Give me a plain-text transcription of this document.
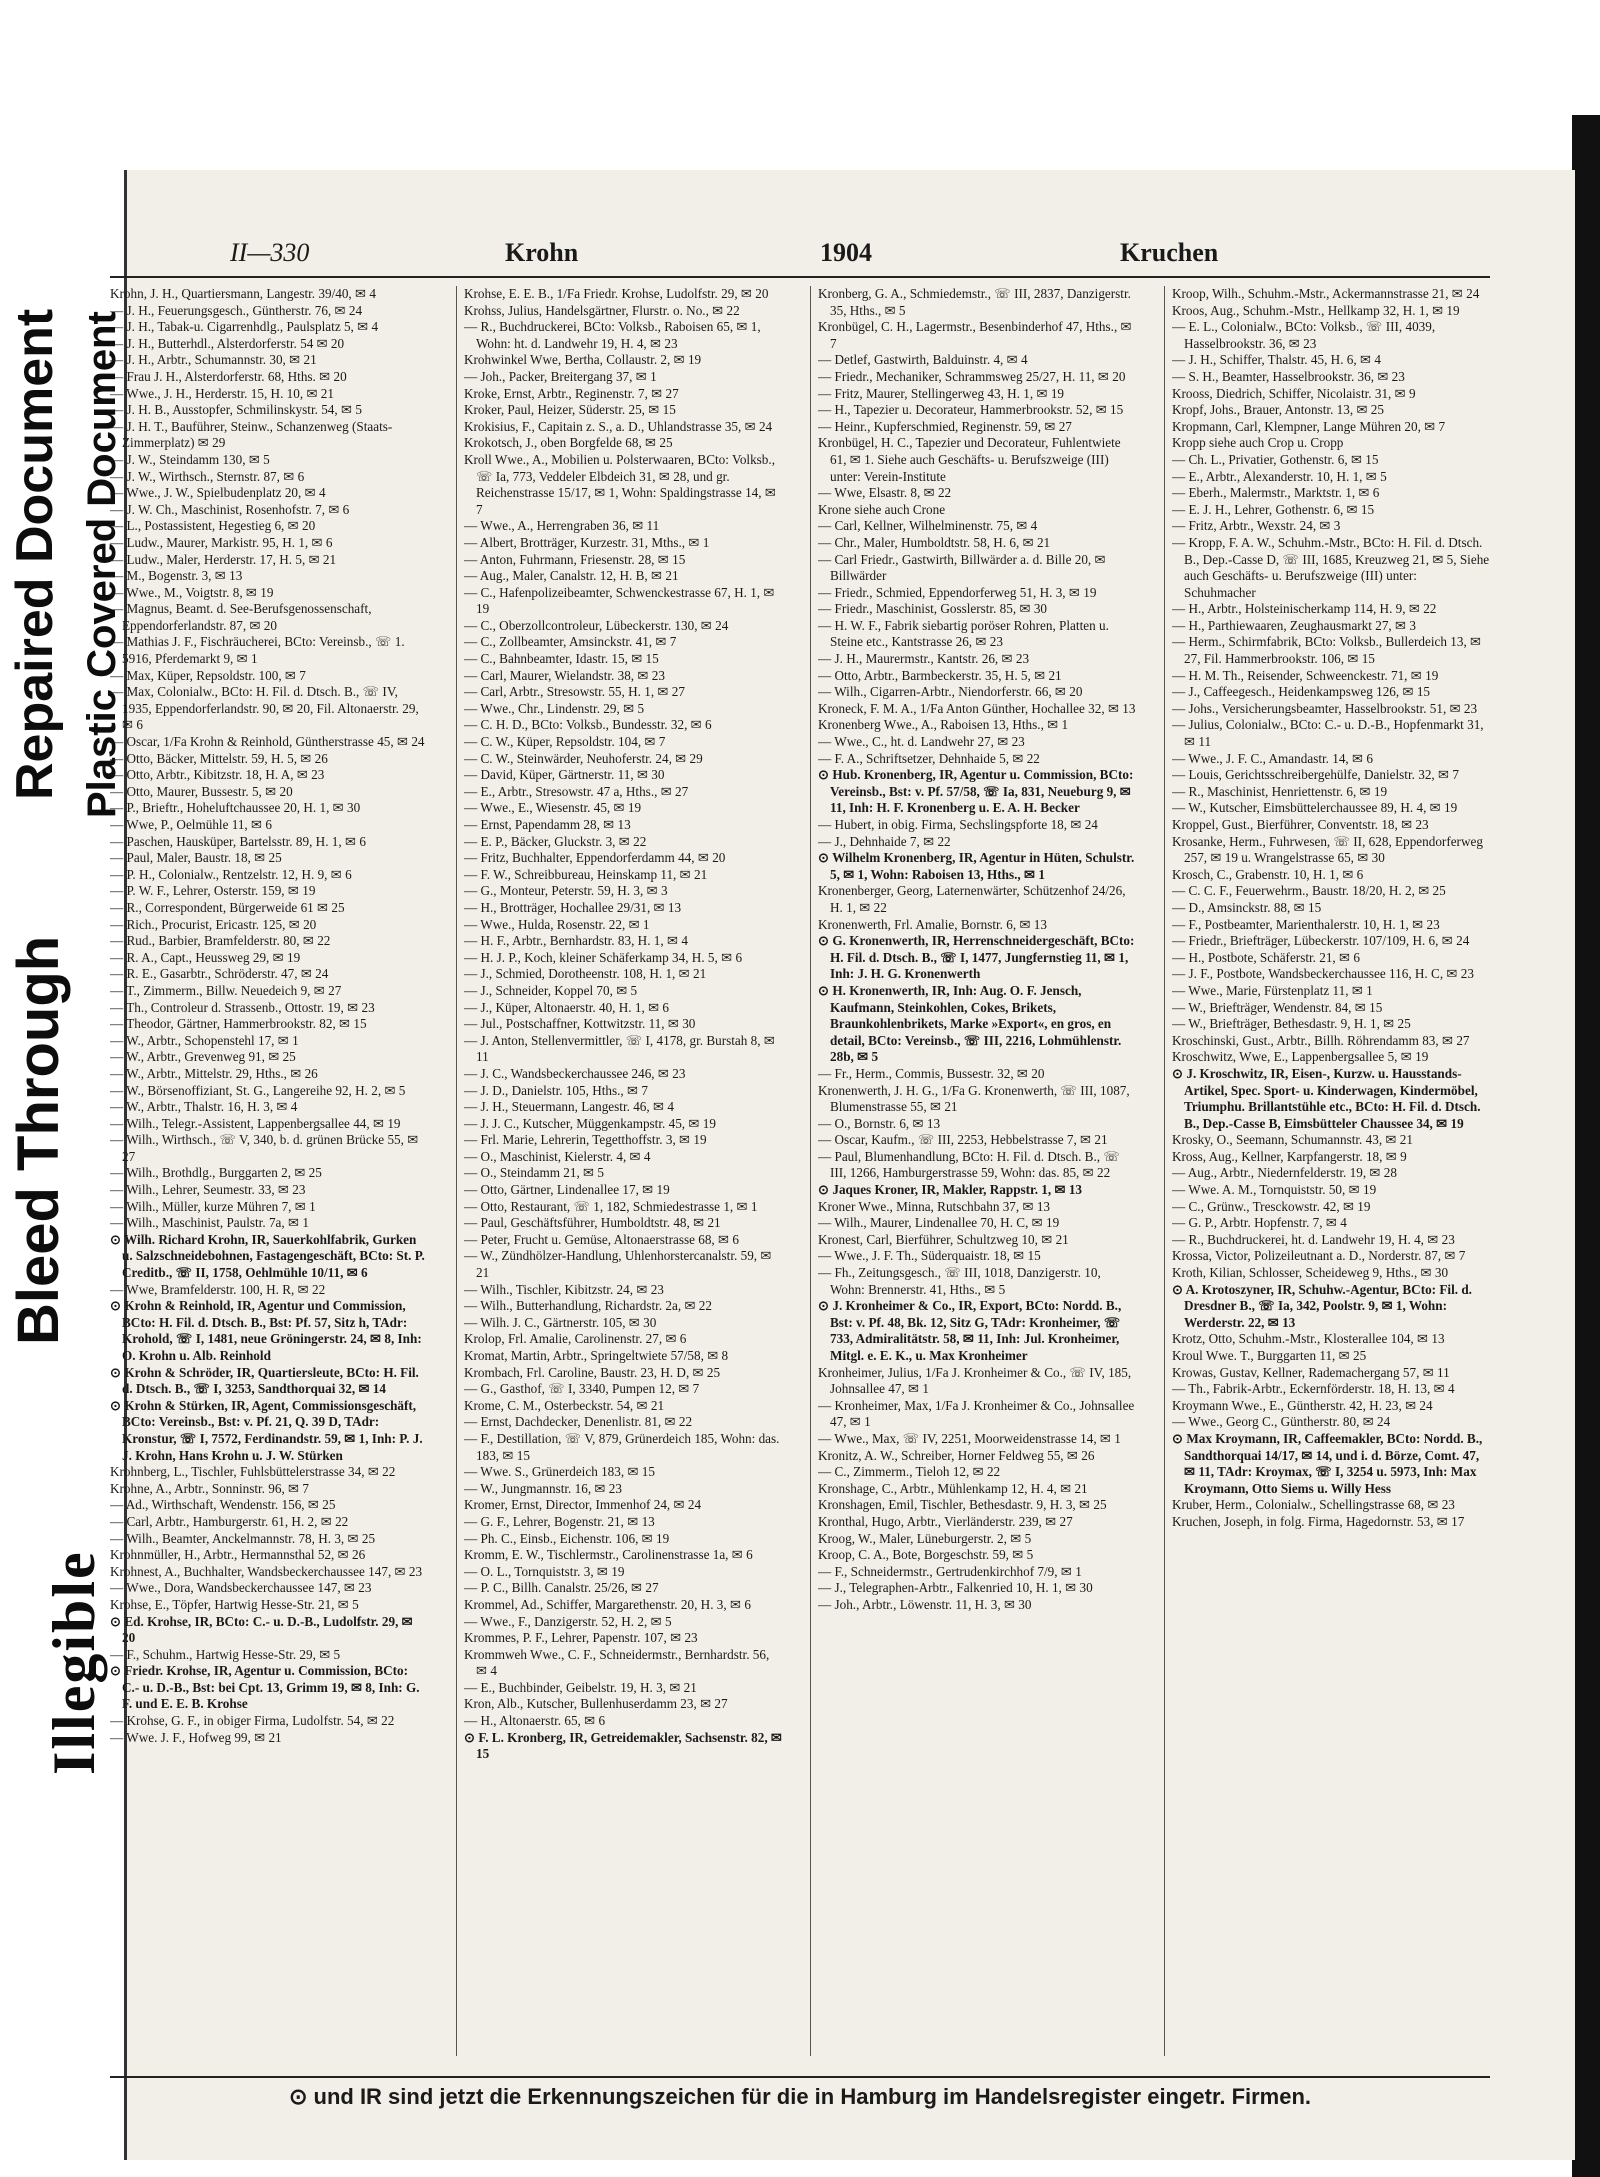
Repaired Document Plastic Covered Document
Bleed Through
Illegible
II—330	Krohn	1904	Kruchen

Krohn, J. H., Quartiersmann, Langestr. 39/40, ✉ 4

— J. H., Feuerungsgesch., Güntherstr. 76, ✉ 24

— J. H., Tabak-u. Cigarrenhdlg., Paulsplatz 5, ✉ 4

— J. H., Butterhdl., Alsterdorferstr. 54 ✉ 20

— J. H., Arbtr., Schumannstr. 30, ✉ 21

— Frau J. H., Alsterdorferstr. 68, Hths. ✉ 20

— Wwe., J. H., Herderstr. 15, H. 10, ✉ 21

— J. H. B., Ausstopfer, Schmilinskystr. 54, ✉ 5

— J. H. T., Bauführer, Steinw., Schanzenweg (Staats-Zimmerplatz) ✉ 29

— J. W., Steindamm 130, ✉ 5

— J. W., Wirthsch., Sternstr. 87, ✉ 6

— Wwe., J. W., Spielbudenplatz 20, ✉ 4

— J. W. Ch., Maschinist, Rosenhofstr. 7, ✉ 6

— L., Postassistent, Hegestieg 6, ✉ 20

— Ludw., Maurer, Markistr. 95, H. 1, ✉ 6

— Ludw., Maler, Herderstr. 17, H. 5, ✉ 21

— M., Bogenstr. 3, ✉ 13

— Wwe., M., Voigtstr. 8, ✉ 19

— Magnus, Beamt. d. See-Berufsgenossenschaft, Eppendorferlandstr. 87, ✉ 20

— Mathias J. F., Fischräucherei, BCto: Vereinsb., ☏ 1. 5916, Pferdemarkt 9, ✉ 1

— Max, Küper, Repsoldstr. 100, ✉ 7

— Max, Colonialw., BCto: H. Fil. d. Dtsch. B., ☏ IV, 1935, Eppendorferlandstr. 90, ✉ 20, Fil. Altonaerstr. 29, ✉ 6

— Oscar, 1/Fa Krohn & Reinhold, Güntherstrasse 45, ✉ 24

— Otto, Bäcker, Mittelstr. 59, H. 5, ✉ 26

— Otto, Arbtr., Kibitzstr. 18, H. A, ✉ 23

— Otto, Maurer, Bussestr. 5, ✉ 20

— P., Brieftr., Hoheluftchaussee 20, H. 1, ✉ 30

— Wwe, P., Oelmühle 11, ✉ 6

— Paschen, Hausküper, Bartelsstr. 89, H. 1, ✉ 6

— Paul, Maler, Baustr. 18, ✉ 25

— P. H., Colonialw., Rentzelstr. 12, H. 9, ✉ 6

— P. W. F., Lehrer, Osterstr. 159, ✉ 19

— R., Correspondent, Bürgerweide 61 ✉ 25

— Rich., Procurist, Ericastr. 125, ✉ 20

— Rud., Barbier, Bramfelderstr. 80, ✉ 22

— R. A., Capt., Heussweg 29, ✉ 19

— R. E., Gasarbtr., Schröderstr. 47, ✉ 24

— T., Zimmerm., Billw. Neuedeich 9, ✉ 27

— Th., Controleur d. Strassenb., Ottostr. 19, ✉ 23

— Theodor, Gärtner, Hammerbrookstr. 82, ✉ 15

— W., Arbtr., Schopenstehl 17, ✉ 1

— W., Arbtr., Grevenweg 91, ✉ 25

— W., Arbtr., Mittelstr. 29, Hths., ✉ 26

— W., Börsenoffiziant, St. G., Langereihe 92, H. 2, ✉ 5

— W., Arbtr., Thalstr. 16, H. 3, ✉ 4

— Wilh., Telegr.-Assistent, Lappenbergsallee 44, ✉ 19

— Wilh., Wirthsch., ☏ V, 340, b. d. grünen Brücke 55, ✉ 27

— Wilh., Brothdlg., Burggarten 2, ✉ 25

— Wilh., Lehrer, Seumestr. 33, ✉ 23

— Wilh., Müller, kurze Mühren 7, ✉ 1

— Wilh., Maschinist, Paulstr. 7a, ✉ 1

⊙ Wilh. Richard Krohn, IR, Sauerkohlfabrik, Gurken u. Salzschneidebohnen, Fastagengeschäft, BCto: St. P. Creditb., ☏ II, 1758, Oehlmühle 10/11, ✉ 6

— Wwe, Bramfelderstr. 100, H. R, ✉ 22

⊙ Krohn & Reinhold, IR, Agentur und Commission, BCto: H. Fil. d. Dtsch. B., Bst: Pf. 57, Sitz h, TAdr: Krohold, ☏ I, 1481, neue Gröningerstr. 24, ✉ 8, Inh: O. Krohn u. Alb. Reinhold

⊙ Krohn & Schröder, IR, Quartiersleute, BCto: H. Fil. d. Dtsch. B., ☏ I, 3253, Sandthorquai 32, ✉ 14

⊙ Krohn & Stürken, IR, Agent, Commissionsgeschäft, BCto: Vereinsb., Bst: v. Pf. 21, Q. 39 D, TAdr: Kronstur, ☏ I, 7572, Ferdinandstr. 59, ✉ 1, Inh: P. J. J. Krohn, Hans Krohn u. J. W. Stürken

Krohnberg, L., Tischler, Fuhlsbüttelerstrasse 34, ✉ 22

Krohne, A., Arbtr., Sonninstr. 96, ✉ 7

— Ad., Wirthschaft, Wendenstr. 156, ✉ 25

— Carl, Arbtr., Hamburgerstr. 61, H. 2, ✉ 22

— Wilh., Beamter, Anckelmannstr. 78, H. 3, ✉ 25

Krohnmüller, H., Arbtr., Hermannsthal 52, ✉ 26

Krohnest, A., Buchhalter, Wandsbeckerchaussee 147, ✉ 23

— Wwe., Dora, Wandsbeckerchaussee 147, ✉ 23

Krohse, E., Töpfer, Hartwig Hesse-Str. 21, ✉ 5

⊙ Ed. Krohse, IR, BCto: C.- u. D.-B., Ludolfstr. 29, ✉ 20

— F., Schuhm., Hartwig Hesse-Str. 29, ✉ 5

⊙ Friedr. Krohse, IR, Agentur u. Commission, BCto: C.- u. D.-B., Bst: bei Cpt. 13, Grimm 19, ✉ 8, Inh: G. F. und E. E. B. Krohse

— Krohse, G. F., in obiger Firma, Ludolfstr. 54, ✉ 22

— Wwe. J. F., Hofweg 99, ✉ 21

Krohse, E. E. B., 1/Fa Friedr. Krohse, Ludolfstr. 29, ✉ 20

Krohss, Julius, Handelsgärtner, Flurstr. o. No., ✉ 22

— R., Buchdruckerei, BCto: Volksb., Raboisen 65, ✉ 1, Wohn: ht. d. Landwehr 19, H. 4, ✉ 23

Krohwinkel Wwe, Bertha, Collaustr. 2, ✉ 19

— Joh., Packer, Breitergang 37, ✉ 1

Kroke, Ernst, Arbtr., Reginenstr. 7, ✉ 27

Kroker, Paul, Heizer, Süderstr. 25, ✉ 15

Krokisius, F., Capitain z. S., a. D., Uhlandstrasse 35, ✉ 24

Krokotsch, J., oben Borgfelde 68, ✉ 25

Kroll Wwe., A., Mobilien u. Polsterwaaren, BCto: Volksb., ☏ Ia, 773, Veddeler Elbdeich 31, ✉ 28, und gr. Reichenstrasse 15/17, ✉ 1, Wohn: Spaldingstrasse 14, ✉ 7

— Wwe., A., Herrengraben 36, ✉ 11

— Albert, Brotträger, Kurzestr. 31, Mths., ✉ 1

— Anton, Fuhrmann, Friesenstr. 28, ✉ 15

— Aug., Maler, Canalstr. 12, H. B, ✉ 21

— C., Hafenpolizeibeamter, Schwenckestrasse 67, H. 1, ✉ 19

— C., Oberzollcontroleur, Lübeckerstr. 130, ✉ 24

— C., Zollbeamter, Amsinckstr. 41, ✉ 7

— C., Bahnbeamter, Idastr. 15, ✉ 15

— Carl, Maurer, Wielandstr. 38, ✉ 23

— Carl, Arbtr., Stresowstr. 55, H. 1, ✉ 27

— Wwe., Chr., Lindenstr. 29, ✉ 5

— C. H. D., BCto: Volksb., Bundesstr. 32, ✉ 6

— C. W., Küper, Repsoldstr. 104, ✉ 7

— C. W., Steinwärder, Neuhoferstr. 24, ✉ 29

— David, Küper, Gärtnerstr. 11, ✉ 30

— E., Arbtr., Stresowstr. 47 a, Hths., ✉ 27

— Wwe., E., Wiesenstr. 45, ✉ 19

— Ernst, Papendamm 28, ✉ 13

— E. P., Bäcker, Gluckstr. 3, ✉ 22

— Fritz, Buchhalter, Eppendorferdamm 44, ✉ 20

— F. W., Schreibbureau, Heinskamp 11, ✉ 21

— G., Monteur, Peterstr. 59, H. 3, ✉ 3

— H., Brotträger, Hochallee 29/31, ✉ 13

— Wwe., Hulda, Rosenstr. 22, ✉ 1

— H. F., Arbtr., Bernhardstr. 83, H. 1, ✉ 4

— H. J. P., Koch, kleiner Schäferkamp 34, H. 5, ✉ 6

— J., Schmied, Dorotheenstr. 108, H. 1, ✉ 21

— J., Schneider, Koppel 70, ✉ 5

— J., Küper, Altonaerstr. 40, H. 1, ✉ 6

— Jul., Postschaffner, Kottwitzstr. 11, ✉ 30

— J. Anton, Stellenvermittler, ☏ I, 4178, gr. Burstah 8, ✉ 11

— J. C., Wandsbeckerchaussee 246, ✉ 23

— J. D., Danielstr. 105, Hths., ✉ 7

— J. H., Steuermann, Langestr. 46, ✉ 4

— J. J. C., Kutscher, Müggenkampstr. 45, ✉ 19

— Frl. Marie, Lehrerin, Tegetthoffstr. 3, ✉ 19

— O., Maschinist, Kielerstr. 4, ✉ 4

— O., Steindamm 21, ✉ 5

— Otto, Gärtner, Lindenallee 17, ✉ 19

— Otto, Restaurant, ☏ 1, 182, Schmiedestrasse 1, ✉ 1

— Paul, Geschäftsführer, Humboldtstr. 48, ✉ 21

— Peter, Frucht u. Gemüse, Altonaerstrasse 68, ✉ 6

— W., Zündhölzer-Handlung, Uhlenhorstercanalstr. 59, ✉ 21

— Wilh., Tischler, Kibitzstr. 24, ✉ 23

— Wilh., Butterhandlung, Richardstr. 2a, ✉ 22

— Wilh. J. C., Gärtnerstr. 105, ✉ 30

Krolop, Frl. Amalie, Carolinenstr. 27, ✉ 6

Kromat, Martin, Arbtr., Springeltwiete 57/58, ✉ 8

Krombach, Frl. Caroline, Baustr. 23, H. D, ✉ 25

— G., Gasthof, ☏ I, 3340, Pumpen 12, ✉ 7

Krome, C. M., Osterbeckstr. 54, ✉ 21

— Ernst, Dachdecker, Denenlistr. 81, ✉ 22

— F., Destillation, ☏ V, 879, Grünerdeich 185, Wohn: das. 183, ✉ 15

— Wwe. S., Grünerdeich 183, ✉ 15

— W., Jungmannstr. 16, ✉ 23

Kromer, Ernst, Director, Immenhof 24, ✉ 24

— G. F., Lehrer, Bogenstr. 21, ✉ 13

— Ph. C., Einsb., Eichenstr. 106, ✉ 19

Kromm, E. W., Tischlermstr., Carolinenstrasse 1a, ✉ 6

— O. L., Tornquiststr. 3, ✉ 19

— P. C., Billh. Canalstr. 25/26, ✉ 27

Krommel, Ad., Schiffer, Margarethenstr. 20, H. 3, ✉ 6

— Wwe., F., Danzigerstr. 52, H. 2, ✉ 5

Krommes, P. F., Lehrer, Papenstr. 107, ✉ 23

Krommweh Wwe., C. F., Schneidermstr., Bernhardstr. 56, ✉ 4

— E., Buchbinder, Geibelstr. 19, H. 3, ✉ 21

Kron, Alb., Kutscher, Bullenhuserdamm 23, ✉ 27

— H., Altonaerstr. 65, ✉ 6

⊙ F. L. Kronberg, IR, Getreidemakler, Sachsenstr. 82, ✉ 15

Kronberg, G. A., Schmiedemstr., ☏ III, 2837, Danzigerstr. 35, Hths., ✉ 5

Kronbügel, C. H., Lagermstr., Besenbinderhof 47, Hths., ✉ 7

— Detlef, Gastwirth, Balduinstr. 4, ✉ 4

— Friedr., Mechaniker, Schrammsweg 25/27, H. 11, ✉ 20

— Fritz, Maurer, Stellingerweg 43, H. 1, ✉ 19

— H., Tapezier u. Decorateur, Hammerbrookstr. 52, ✉ 15

— Heinr., Kupferschmied, Reginenstr. 59, ✉ 27

Kronbügel, H. C., Tapezier und Decorateur, Fuhlentwiete 61, ✉ 1. Siehe auch Geschäfts- u. Berufszweige (III) unter: Verein-Institute

— Wwe, Elsastr. 8, ✉ 22

Krone siehe auch Crone

— Carl, Kellner, Wilhelminenstr. 75, ✉ 4

— Chr., Maler, Humboldtstr. 58, H. 6, ✉ 21

— Carl Friedr., Gastwirth, Billwärder a. d. Bille 20, ✉ Billwärder

— Friedr., Schmied, Eppendorferweg 51, H. 3, ✉ 19

— Friedr., Maschinist, Gosslerstr. 85, ✉ 30

— H. W. F., Fabrik siebartig poröser Rohren, Platten u. Steine etc., Kantstrasse 26, ✉ 23

— J. H., Maurermstr., Kantstr. 26, ✉ 23

— Otto, Arbtr., Barmbeckerstr. 35, H. 5, ✉ 21

— Wilh., Cigarren-Arbtr., Niendorferstr. 66, ✉ 20

Kroneck, F. M. A., 1/Fa Anton Günther, Hochallee 32, ✉ 13

Kronenberg Wwe., A., Raboisen 13, Hths., ✉ 1

— Wwe., C., ht. d. Landwehr 27, ✉ 23

— F. A., Schriftsetzer, Dehnhaide 5, ✉ 22

⊙ Hub. Kronenberg, IR, Agentur u. Commission, BCto: Vereinsb., Bst: v. Pf. 57/58, ☏ Ia, 831, Neueburg 9, ✉ 11, Inh: H. F. Kronenberg u. E. A. H. Becker

— Hubert, in obig. Firma, Sechslingspforte 18, ✉ 24

— J., Dehnhaide 7, ✉ 22

⊙ Wilhelm Kronenberg, IR, Agentur in Hüten, Schulstr. 5, ✉ 1, Wohn: Raboisen 13, Hths., ✉ 1

Kronenberger, Georg, Laternenwärter, Schützenhof 24/26, H. 1, ✉ 22

Kronenwerth, Frl. Amalie, Bornstr. 6, ✉ 13

⊙ G. Kronenwerth, IR, Herrenschneidergeschäft, BCto: H. Fil. d. Dtsch. B., ☏ I, 1477, Jungfernstieg 11, ✉ 1, Inh: J. H. G. Kronenwerth

⊙ H. Kronenwerth, IR, Inh: Aug. O. F. Jensch, Kaufmann, Steinkohlen, Cokes, Brikets, Braunkohlenbrikets, Marke »Export«, en gros, en detail, BCto: Vereinsb., ☏ III, 2216, Lohmühlenstr. 28b, ✉ 5

— Fr., Herm., Commis, Bussestr. 32, ✉ 20

Kronenwerth, J. H. G., 1/Fa G. Kronenwerth, ☏ III, 1087, Blumenstrasse 55, ✉ 21

— O., Bornstr. 6, ✉ 13

— Oscar, Kaufm., ☏ III, 2253, Hebbelstrasse 7, ✉ 21

— Paul, Blumenhandlung, BCto: H. Fil. d. Dtsch. B., ☏ III, 1266, Hamburgerstrasse 59, Wohn: das. 85, ✉ 22

⊙ Jaques Kroner, IR, Makler, Rappstr. 1, ✉ 13

Kroner Wwe., Minna, Rutschbahn 37, ✉ 13

— Wilh., Maurer, Lindenallee 70, H. C, ✉ 19

Kronest, Carl, Bierführer, Schultzweg 10, ✉ 21

— Wwe., J. F. Th., Süderquaistr. 18, ✉ 15

— Fh., Zeitungsgesch., ☏ III, 1018, Danzigerstr. 10, Wohn: Brennerstr. 41, Hths., ✉ 5

⊙ J. Kronheimer & Co., IR, Export, BCto: Nordd. B., Bst: v. Pf. 48, Bk. 12, Sitz G, TAdr: Kronheimer, ☏ 733, Admiralitätstr. 58, ✉ 11, Inh: Jul. Kronheimer, Mitgl. e. E. K., u. Max Kronheimer

Kronheimer, Julius, 1/Fa J. Kronheimer & Co., ☏ IV, 185, Johnsallee 47, ✉ 1

— Kronheimer, Max, 1/Fa J. Kronheimer & Co., Johnsallee 47, ✉ 1

— Wwe., Max, ☏ IV, 2251, Moorweidenstrasse 14, ✉ 1

Kronitz, A. W., Schreiber, Horner Feldweg 55, ✉ 26

— C., Zimmerm., Tieloh 12, ✉ 22

Kronshage, C., Arbtr., Mühlenkamp 12, H. 4, ✉ 21

Kronshagen, Emil, Tischler, Bethesdastr. 9, H. 3, ✉ 25

Kronthal, Hugo, Arbtr., Vierländerstr. 239, ✉ 27

Kroog, W., Maler, Lüneburgerstr. 2, ✉ 5

Kroop, C. A., Bote, Borgeschstr. 59, ✉ 5

— F., Schneidermstr., Gertrudenkirchhof 7/9, ✉ 1

— J., Telegraphen-Arbtr., Falkenried 10, H. 1, ✉ 30

— Joh., Arbtr., Löwenstr. 11, H. 3, ✉ 30

Kroop, Wilh., Schuhm.-Mstr., Ackermannstrasse 21, ✉ 24

Kroos, Aug., Schuhm.-Mstr., Hellkamp 32, H. 1, ✉ 19

— E. L., Colonialw., BCto: Volksb., ☏ III, 4039, Hasselbrookstr. 36, ✉ 23

— J. H., Schiffer, Thalstr. 45, H. 6, ✉ 4

— S. H., Beamter, Hasselbrookstr. 36, ✉ 23

Krooss, Diedrich, Schiffer, Nicolaistr. 31, ✉ 9

Kropf, Johs., Brauer, Antonstr. 13, ✉ 25

Kropmann, Carl, Klempner, Lange Mühren 20, ✉ 7

Kropp siehe auch Crop u. Cropp

— Ch. L., Privatier, Gothenstr. 6, ✉ 15

— E., Arbtr., Alexanderstr. 10, H. 1, ✉ 5

— Eberh., Malermstr., Marktstr. 1, ✉ 6

— E. J. H., Lehrer, Gothenstr. 6, ✉ 15

— Fritz, Arbtr., Wexstr. 24, ✉ 3

— Kropp, F. A. W., Schuhm.-Mstr., BCto: H. Fil. d. Dtsch. B., Dep.-Casse D, ☏ III, 1685, Kreuzweg 21, ✉ 5, Siehe auch Geschäfts- u. Berufszweige (III) unter: Schuhmacher

— H., Arbtr., Holsteinischerkamp 114, H. 9, ✉ 22

— H., Parthiewaaren, Zeughausmarkt 27, ✉ 3

— Herm., Schirmfabrik, BCto: Volksb., Bullerdeich 13, ✉ 27, Fil. Hammerbrookstr. 106, ✉ 15

— H. M. Th., Reisender, Schweenckestr. 71, ✉ 19

— J., Caffeegesch., Heidenkampsweg 126, ✉ 15

— Johs., Versicherungsbeamter, Hasselbrookstr. 51, ✉ 23

— Julius, Colonialw., BCto: C.- u. D.-B., Hopfenmarkt 31, ✉ 11

— Wwe., J. F. C., Amandastr. 14, ✉ 6

— Louis, Gerichtsschreibergehülfe, Danielstr. 32, ✉ 7

— R., Maschinist, Henriettenstr. 6, ✉ 19

— W., Kutscher, Eimsbüttelerchaussee 89, H. 4, ✉ 19

Kroppel, Gust., Bierführer, Conventstr. 18, ✉ 23

Krosanke, Herm., Fuhrwesen, ☏ II, 628, Eppendorferweg 257, ✉ 19 u. Wrangelstrasse 65, ✉ 30

Krosch, C., Grabenstr. 10, H. 1, ✉ 6

— C. C. F., Feuerwehrm., Baustr. 18/20, H. 2, ✉ 25

— D., Amsinckstr. 88, ✉ 15

— F., Postbeamter, Marienthalerstr. 10, H. 1, ✉ 23

— Friedr., Briefträger, Lübeckerstr. 107/109, H. 6, ✉ 24

— H., Postbote, Schäferstr. 21, ✉ 6

— J. F., Postbote, Wandsbeckerchaussee 116, H. C, ✉ 23

— Wwe., Marie, Fürstenplatz 11, ✉ 1

— W., Briefträger, Wendenstr. 84, ✉ 15

— W., Briefträger, Bethesdastr. 9, H. 1, ✉ 25

Kroschinski, Gust., Arbtr., Billh. Röhrendamm 83, ✉ 27

Kroschwitz, Wwe, E., Lappenbergsallee 5, ✉ 19

⊙ J. Kroschwitz, IR, Eisen-, Kurzw. u. Hausstands-Artikel, Spec. Sport- u. Kinderwagen, Kindermöbel, Triumphu. Brillantstühle etc., BCto: H. Fil. d. Dtsch. B., Dep.-Casse B, Eimsbütteler Chaussee 34, ✉ 19

Krosky, O., Seemann, Schumannstr. 43, ✉ 21

Kross, Aug., Kellner, Karpfangerstr. 18, ✉ 9

— Aug., Arbtr., Niedernfelderstr. 19, ✉ 28

— Wwe. A. M., Tornquiststr. 50, ✉ 19

— C., Grünw., Tresckowstr. 42, ✉ 19

— G. P., Arbtr. Hopfenstr. 7, ✉ 4

— R., Buchdruckerei, ht. d. Landwehr 19, H. 4, ✉ 23

Krossa, Victor, Polizeileutnant a. D., Norderstr. 87, ✉ 7

Kroth, Kilian, Schlosser, Scheideweg 9, Hths., ✉ 30

⊙ A. Krotoszyner, IR, Schuhw.-Agentur, BCto: Fil. d. Dresdner B., ☏ Ia, 342, Poolstr. 9, ✉ 1, Wohn: Werderstr. 22, ✉ 13

Krotz, Otto, Schuhm.-Mstr., Klosterallee 104, ✉ 13

Kroul Wwe. T., Burggarten 11, ✉ 25

Krowas, Gustav, Kellner, Rademachergang 57, ✉ 11

— Th., Fabrik-Arbtr., Eckernförderstr. 18, H. 13, ✉ 4

Kroymann Wwe., E., Güntherstr. 42, H. 23, ✉ 24

— Wwe., Georg C., Güntherstr. 80, ✉ 24

⊙ Max Kroymann, IR, Caffeemakler, BCto: Nordd. B., Sandthorquai 14/17, ✉ 14, und i. d. Börze, Comt. 47, ✉ 11, TAdr: Kroymax, ☏ I, 3254 u. 5973, Inh: Max Kroymann, Otto Siems u. Willy Hess

Kruber, Herm., Colonialw., Schellingstrasse 68, ✉ 23

Kruchen, Joseph, in folg. Firma, Hagedornstr. 53, ✉ 17

⊙ und IR sind jetzt die Erkennungszeichen für die in Hamburg im Handelsregister eingetr. Firmen.
